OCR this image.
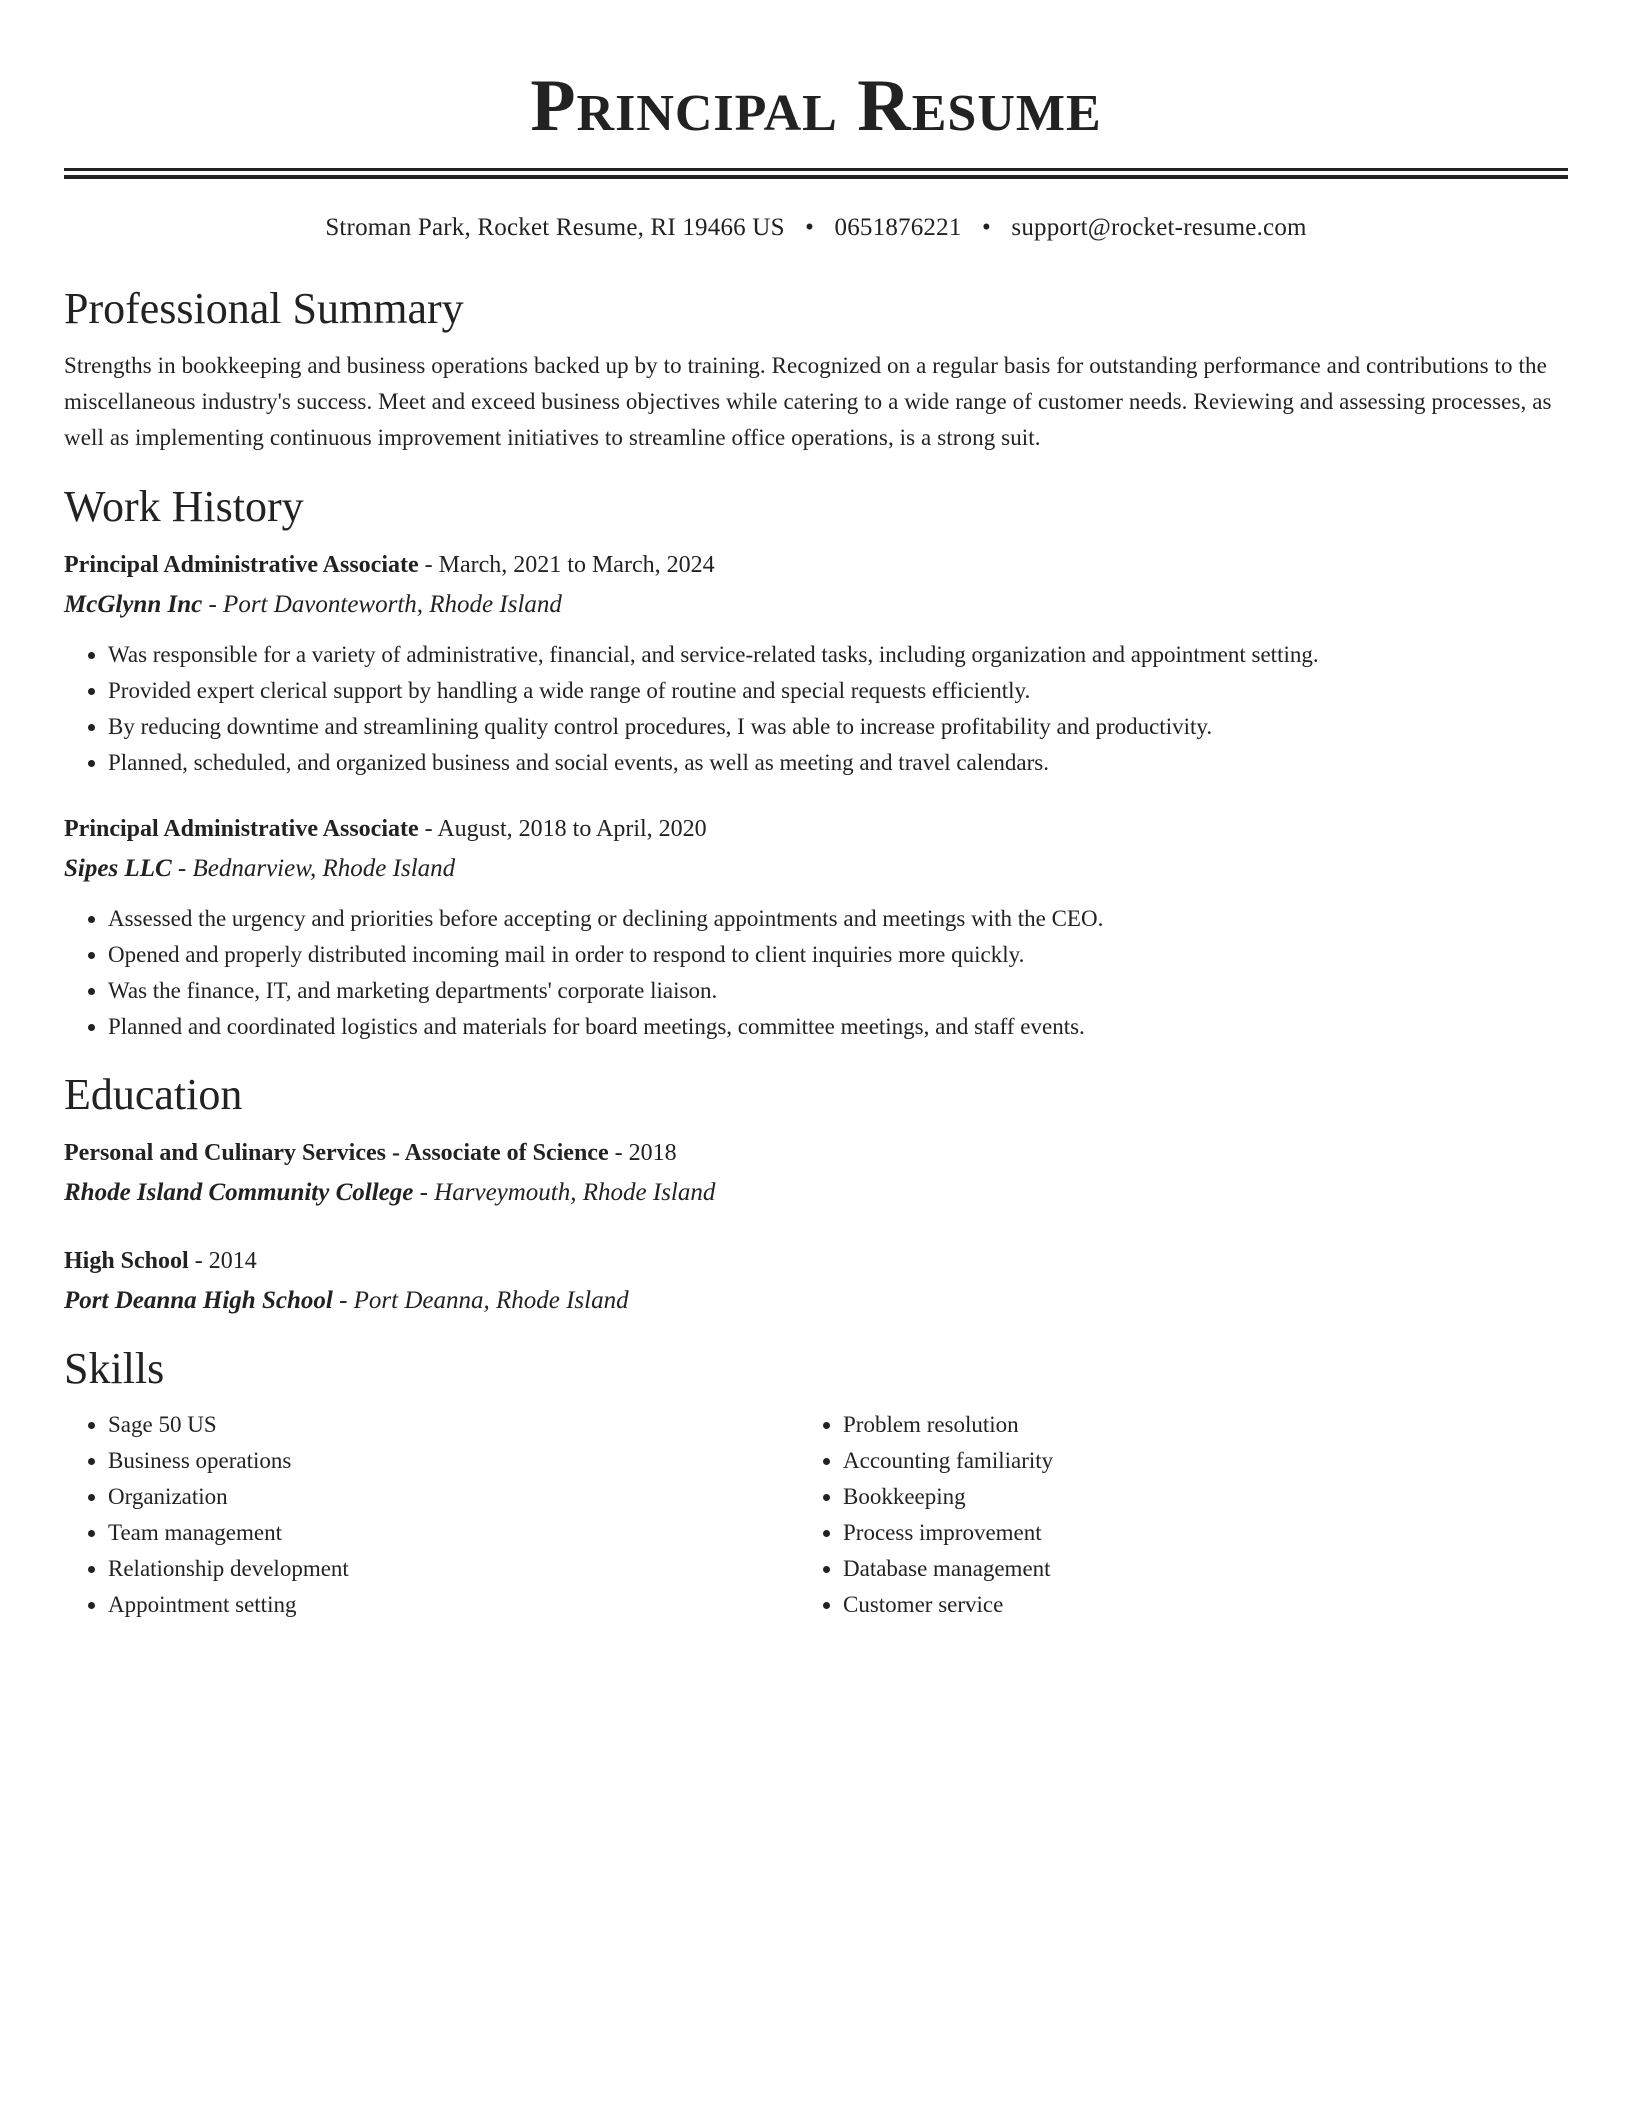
Principal Resume
Stroman Park, Rocket Resume, RI 19466 US • 0651876221 • support@rocket-resume.com
Professional Summary
Strengths in bookkeeping and business operations backed up by to training. Recognized on a regular basis for outstanding performance and contributions to the miscellaneous industry's success. Meet and exceed business objectives while catering to a wide range of customer needs. Reviewing and assessing processes, as well as implementing continuous improvement initiatives to streamline office operations, is a strong suit.
Work History
Principal Administrative Associate - March, 2021 to March, 2024
McGlynn Inc - Port Davonteworth, Rhode Island
• Was responsible for a variety of administrative, financial, and service-related tasks, including organization and appointment setting.
• Provided expert clerical support by handling a wide range of routine and special requests efficiently.
• By reducing downtime and streamlining quality control procedures, I was able to increase profitability and productivity.
• Planned, scheduled, and organized business and social events, as well as meeting and travel calendars.
Principal Administrative Associate - August, 2018 to April, 2020
Sipes LLC - Bednarview, Rhode Island
• Assessed the urgency and priorities before accepting or declining appointments and meetings with the CEO.
• Opened and properly distributed incoming mail in order to respond to client inquiries more quickly.
• Was the finance, IT, and marketing departments' corporate liaison.
• Planned and coordinated logistics and materials for board meetings, committee meetings, and staff events.
Education
Personal and Culinary Services - Associate of Science - 2018
Rhode Island Community College - Harveymouth, Rhode Island
High School - 2014
Port Deanna High School - Port Deanna, Rhode Island
Skills
• Sage 50 US
• Business operations
• Organization
• Team management
• Relationship development
• Appointment setting
• Problem resolution
• Accounting familiarity
• Bookkeeping
• Process improvement
• Database management
• Customer service
